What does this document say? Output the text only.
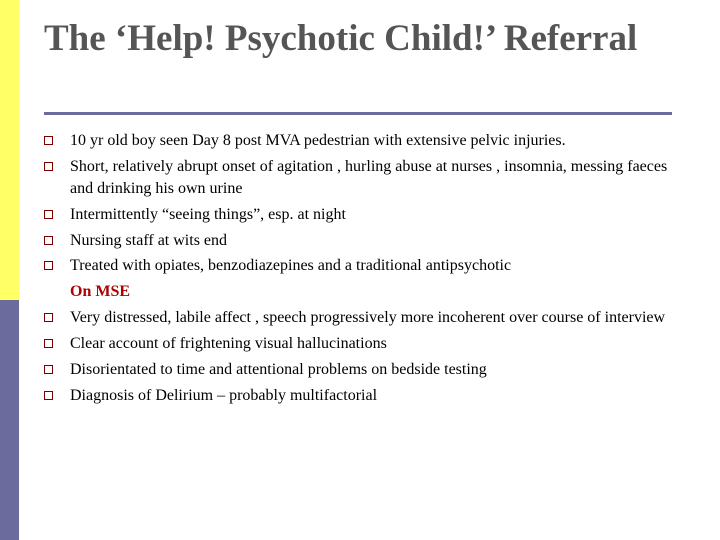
The ‘Help! Psychotic Child!’ Referral
10 yr old boy seen Day 8 post MVA pedestrian with extensive pelvic injuries.
Short, relatively abrupt onset of agitation , hurling abuse at nurses , insomnia, messing faeces and drinking his own urine
Intermittently “seeing things”, esp. at night
Nursing staff at wits end
Treated with opiates, benzodiazepines and a traditional antipsychotic
On MSE
Very distressed, labile affect , speech progressively more incoherent over course of interview
Clear account of frightening visual hallucinations
Disorientated to time and attentional problems on bedside testing
Diagnosis of Delirium – probably multifactorial
